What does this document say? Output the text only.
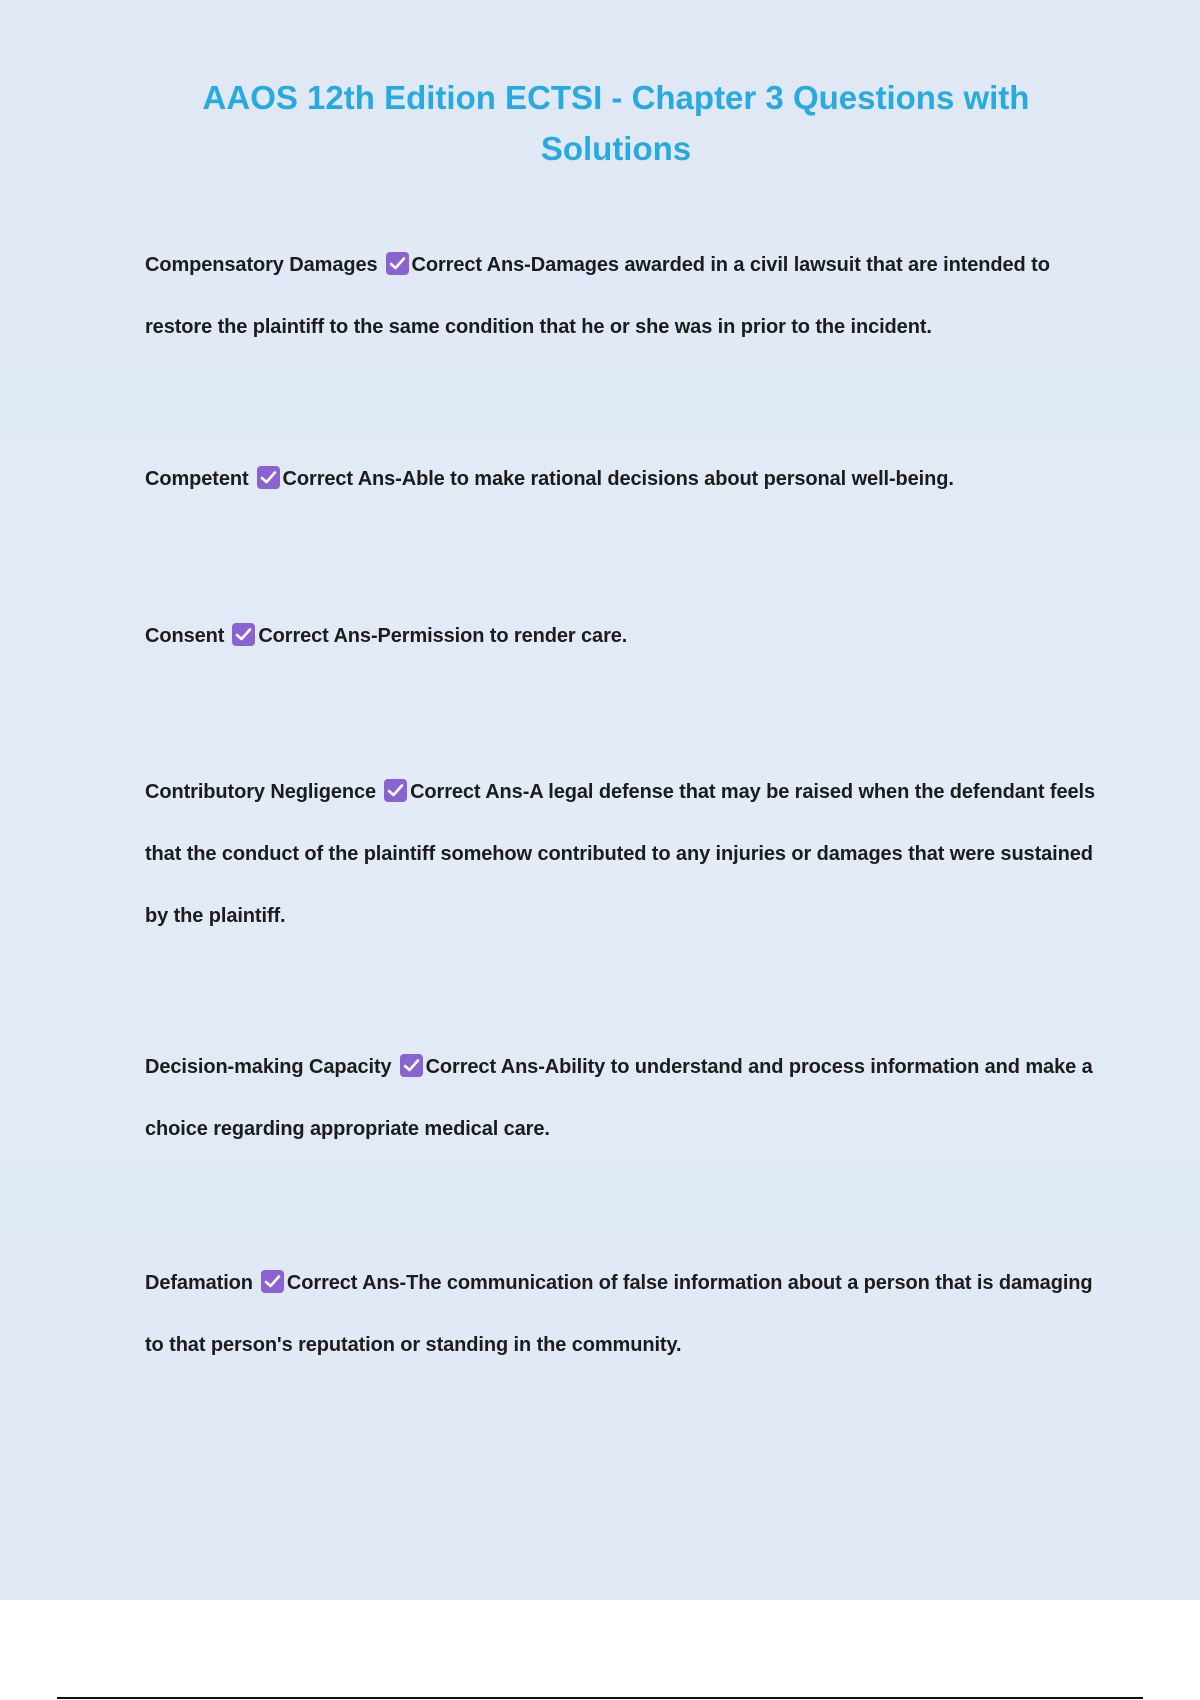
AAOS 12th Edition ECTSI - Chapter 3 Questions with
Solutions

Compensatory Damages Correct Ans-Damages awarded in a civil lawsuit that are intended to restore the plaintiff to the same condition that he or she was in prior to the incident.

Competent Correct Ans-Able to make rational decisions about personal well-being.

Consent Correct Ans-Permission to render care.

Contributory Negligence Correct Ans-A legal defense that may be raised when the defendant feels that the conduct of the plaintiff somehow contributed to any injuries or damages that were sustained by the plaintiff.

Decision-making Capacity Correct Ans-Ability to understand and process information and make a choice regarding appropriate medical care.

Defamation Correct Ans-The communication of false information about a person that is damaging to that person's reputation or standing in the community.
